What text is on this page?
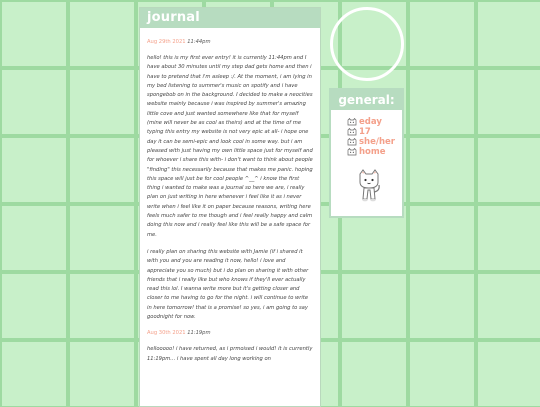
journal
Aug 29th 2021 11:44pm

hello! this is my first ever entry! it is currently 11:44pm and I have about 30 minutes until my step dad gets home and then i have to pretend that i'm asleep :/. At the moment, i am lying in my bed listening to summer's music on spotify and i have spongebob on in the background. I decided to make a neocities website mainly because i was inspired by summer's amazing little cove and just wanted somewhere like that for myself (mine will never be as cool as theirs) and at the time of me typing this entry my website is not very epic at all- i hope one day it can be semi-epic and look cool in some way. but i am pleased with just having my own little space just for myself and for whoever i share this with- i don't want to think about people "finding" this necessarily because that makes me panic. hoping this space will just be for cool people ^__^ i know the first thing i wanted to make was a journal so here we are, i really plan on just writing in here whenever i feel like it as i never write when i feel like it on paper because reasons, writing here feels much safer to me though and i feel really happy and calm doing this now and i really feel like this will be a safe space for me.

i really plan on sharing this website with Jamie (if i shared it with you and you are reading it now, hello! i love and appreciate you so much) but i do plan on sharing it with other friends that i really like but who knows if they'll ever actually read this lol. I wanna write more but it's getting closer and closer to me having to go for the night. i will continue to write in here tomorrow! that is a promise! so yes, i am going to say goodnight for now.

Aug 30th 2021 11:19pm

hellooooo! i have returned, as i prmoised i would! it is currently 11:19pm... i have spent all day long working on

general:
eday
17
she/her
home
